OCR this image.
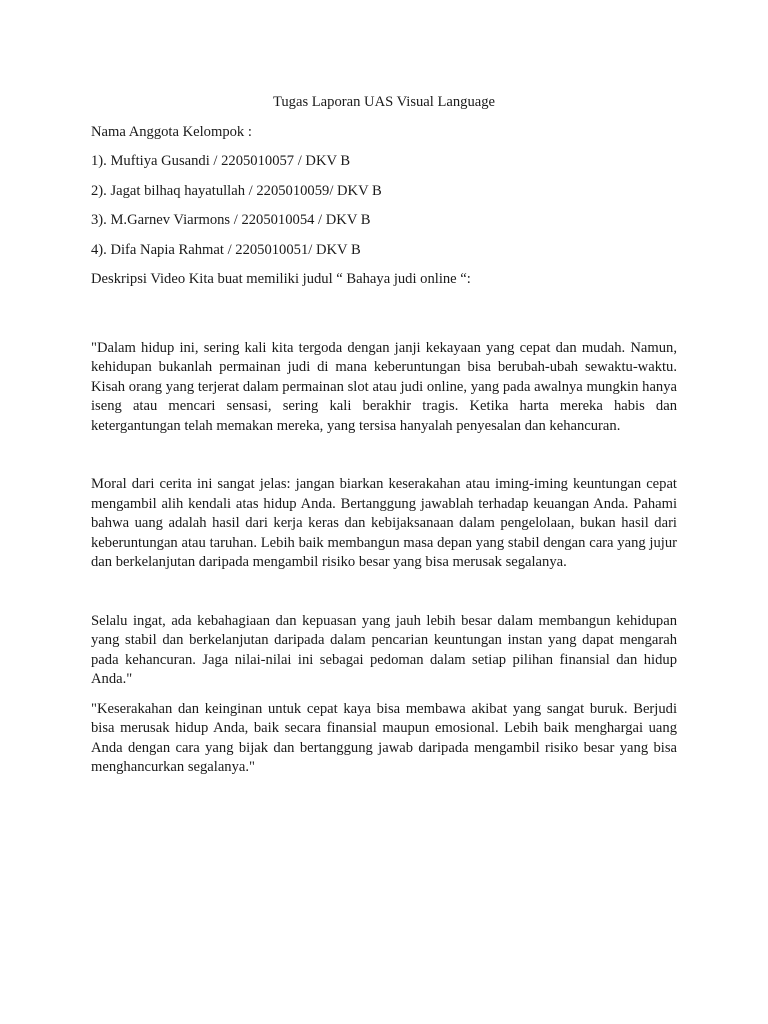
Tugas Laporan UAS Visual Language

Nama Anggota Kelompok :

1). Muftiya Gusandi / 2205010057 / DKV B

2). Jagat bilhaq hayatullah / 2205010059/ DKV B

3). M.Garnev Viarmons / 2205010054 / DKV B

4). Difa Napia Rahmat / 2205010051/ DKV B

Deskripsi Video Kita buat memiliki judul “ Bahaya judi online “:

"Dalam hidup ini, sering kali kita tergoda dengan janji kekayaan yang cepat dan mudah. Namun, kehidupan bukanlah permainan judi di mana keberuntungan bisa berubah-ubah sewaktu-waktu. Kisah orang yang terjerat dalam permainan slot atau judi online, yang pada awalnya mungkin hanya iseng atau mencari sensasi, sering kali berakhir tragis. Ketika harta mereka habis dan ketergantungan telah memakan mereka, yang tersisa hanyalah penyesalan dan kehancuran.

Moral dari cerita ini sangat jelas: jangan biarkan keserakahan atau iming-iming keuntungan cepat mengambil alih kendali atas hidup Anda. Bertanggung jawablah terhadap keuangan Anda. Pahami bahwa uang adalah hasil dari kerja keras dan kebijaksanaan dalam pengelolaan, bukan hasil dari keberuntungan atau taruhan. Lebih baik membangun masa depan yang stabil dengan cara yang jujur dan berkelanjutan daripada mengambil risiko besar yang bisa merusak segalanya.

Selalu ingat, ada kebahagiaan dan kepuasan yang jauh lebih besar dalam membangun kehidupan yang stabil dan berkelanjutan daripada dalam pencarian keuntungan instan yang dapat mengarah pada kehancuran. Jaga nilai-nilai ini sebagai pedoman dalam setiap pilihan finansial dan hidup Anda."

"Keserakahan dan keinginan untuk cepat kaya bisa membawa akibat yang sangat buruk. Berjudi bisa merusak hidup Anda, baik secara finansial maupun emosional. Lebih baik menghargai uang Anda dengan cara yang bijak dan bertanggung jawab daripada mengambil risiko besar yang bisa menghancurkan segalanya."
